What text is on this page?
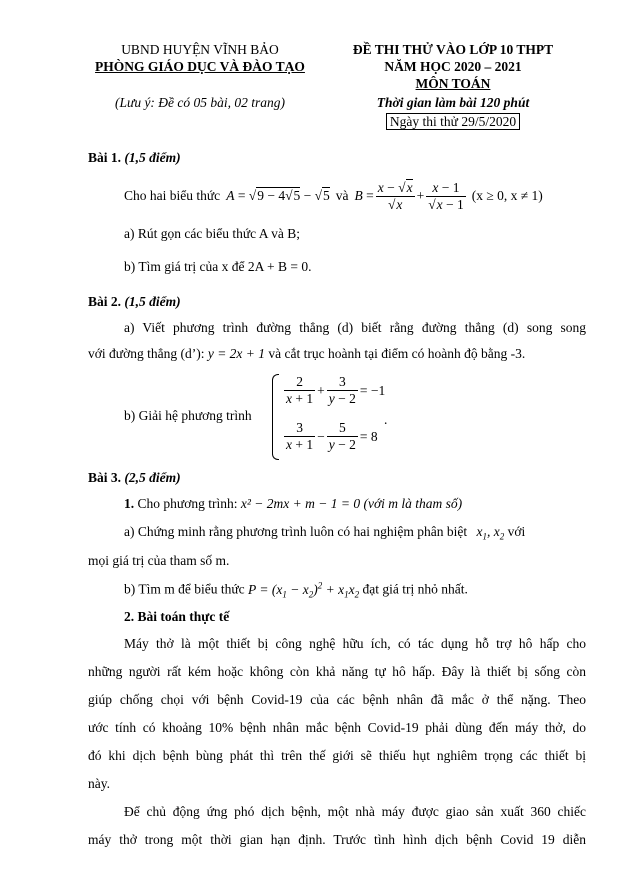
UBND HUYỆN VĨNH BẢO
PHÒNG GIÁO DỤC VÀ ĐÀO TẠO
(Lưu ý: Đề có 05 bài, 02 trang)
ĐỀ THI THỬ VÀO LỚP 10 THPT
NĂM HỌC 2020 – 2021
MÔN TOÁN
Thời gian làm bài 120 phút
Ngày thi thử 29/5/2020
Bài 1. (1,5 điểm)
Cho hai biểu thức A = √9 − 4√5 − √5 và $B = \frac{x - √x}{√x} + \frac{x - 1}{√x - 1} (x \ge 0$, x ≠ 1)
a) Rút gọn các biểu thức A và B;
b) Tìm giá trị của x để 2A + B = 0.
Bài 2. (1,5 điểm)
a) Viết phương trình đường thẳng (d) biết rằng đường thẳng (d) song song
với đường thẳng (d’): y = 2x + 1 và cắt trục hoành tại điểm có hoành độ bằng -3.
b) Giải hệ phương trình
$\frac{2}{x + 1} + \frac{3}{y - 2} = -1$
$\frac{3}{x + 1} - \frac{5}{y - 2} = 8$
.
Bài 3. (2,5 điểm)
1. Cho phương trình: x² − 2mx + m − 1 = 0 (với m là tham số)
a) Chứng minh rằng phương trình luôn có hai nghiệm phân biệt $x_1$, $x_2$ với
mọi giá trị của tham số m.
b) Tìm m để biểu thức $P = (x_1 - x_2)^2 + x_1x_2$ đạt giá trị nhỏ nhất.
2. Bài toán thực tế
Máy thở là một thiết bị công nghệ hữu ích, có tác dụng hỗ trợ hô hấp cho
những người rất kém hoặc không còn khả năng tự hô hấp. Đây là thiết bị sống còn
giúp chống chọi với bệnh Covid-19 của các bệnh nhân đã mắc ở thể nặng. Theo
ước tính có khoảng 10% bệnh nhân mắc bệnh Covid-19 phải dùng đến máy thở, do
đó khi dịch bệnh bùng phát thì trên thế giới sẽ thiếu hụt nghiêm trọng các thiết bị
này.
Để chủ động ứng phó dịch bệnh, một nhà máy được giao sản xuất 360 chiếc
máy thở trong một thời gian hạn định. Trước tình hình dịch bệnh Covid 19 diễn
